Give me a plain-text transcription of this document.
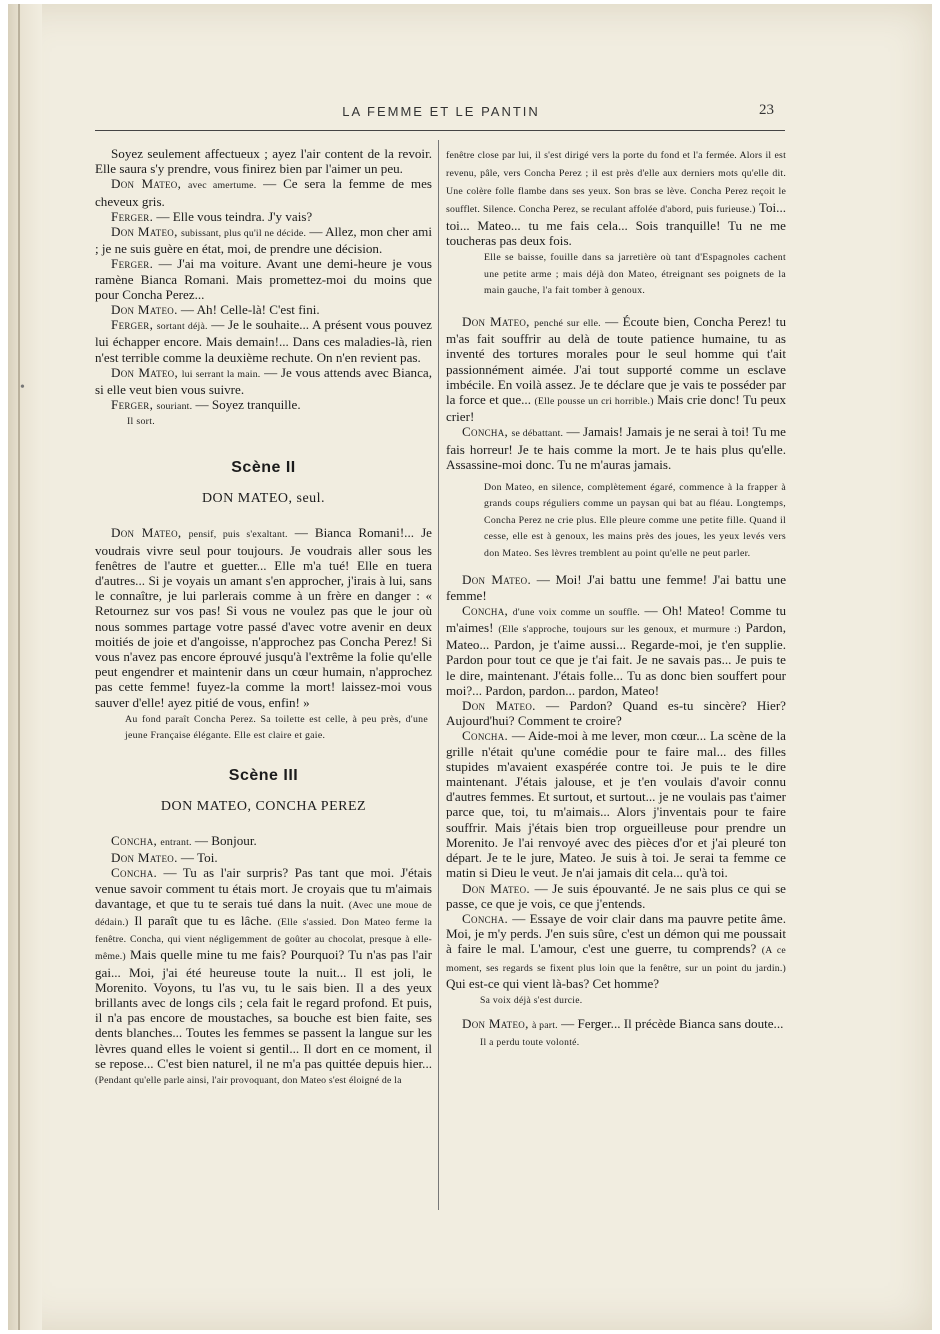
•
LA FEMME ET LE PANTIN	23

Soyez seulement affectueux ; ayez l'air content de la revoir. Elle saura s'y prendre, vous finirez bien par l'aimer un peu.

Don Mateo, avec amertume. — Ce sera la femme de mes cheveux gris.

Ferger. — Elle vous teindra. J'y vais?

Don Mateo, subissant, plus qu'il ne décide. — Allez, mon cher ami ; je ne suis guère en état, moi, de prendre une décision.

Ferger. — J'ai ma voiture. Avant une demi-heure je vous ramène Bianca Romani. Mais promettez-moi du moins que pour Concha Perez...

Don Mateo. — Ah! Celle-là! C'est fini.

Ferger, sortant déjà. — Je le souhaite... A présent vous pouvez lui échapper encore. Mais demain!... Dans ces maladies-là, rien n'est terrible comme la deuxième rechute. On n'en revient pas.

Don Mateo, lui serrant la main. — Je vous attends avec Bianca, si elle veut bien vous suivre.

Ferger, souriant. — Soyez tranquille.

Il sort.
Scène II
DON MATEO, seul.

Don Mateo, pensif, puis s'exaltant. — Bianca Romani!... Je voudrais vivre seul pour toujours. Je voudrais aller sous les fenêtres de l'autre et guetter... Elle m'a tué! Elle en tuera d'autres... Si je voyais un amant s'en approcher, j'irais à lui, sans le connaître, je lui parlerais comme à un frère en danger : « Retournez sur vos pas! Si vous ne voulez pas que le jour où nous sommes partage votre passé d'avec votre avenir en deux moitiés de joie et d'angoisse, n'approchez pas Concha Perez! Si vous n'avez pas encore éprouvé jusqu'à l'extrême la folie qu'elle peut engendrer et maintenir dans un cœur humain, n'approchez pas cette femme! fuyez-la comme la mort! laissez-moi vous sauver d'elle! ayez pitié de vous, enfin! »

Au fond paraît Concha Perez. Sa toilette est celle, à peu près, d'une jeune Française élégante. Elle est claire et gaie.
Scène III
DON MATEO, CONCHA PEREZ

Concha, entrant. — Bonjour.

Don Mateo. — Toi.

Concha. — Tu as l'air surpris? Pas tant que moi. J'étais venue savoir comment tu étais mort. Je croyais que tu m'aimais davantage, et que tu te serais tué dans la nuit. (Avec une moue de dédain.) Il paraît que tu es lâche. (Elle s'assied. Don Mateo ferme la fenêtre. Concha, qui vient négligemment de goûter au chocolat, presque à elle-même.) Mais quelle mine tu me fais? Pourquoi? Tu n'as pas l'air gai... Moi, j'ai été heureuse toute la nuit... Il est joli, le Morenito. Voyons, tu l'as vu, tu le sais bien. Il a des yeux brillants avec de longs cils ; cela fait le regard profond. Et puis, il n'a pas encore de moustaches, sa bouche est bien faite, ses dents blanches... Toutes les femmes se passent la langue sur les lèvres quand elles le voient si gentil... Il dort en ce moment, il se repose... C'est bien naturel, il ne m'a pas quittée depuis hier... (Pendant qu'elle parle ainsi, l'air provoquant, don Mateo s'est éloigné de la

fenêtre close par lui, il s'est dirigé vers la porte du fond et l'a fermée. Alors il est revenu, pâle, vers Concha Perez ; il est près d'elle aux derniers mots qu'elle dit. Une colère folle flambe dans ses yeux. Son bras se lève. Concha Perez reçoit le soufflet. Silence. Concha Perez, se reculant affolée d'abord, puis furieuse.) Toi... toi... Mateo... tu me fais cela... Sois tranquille! Tu ne me toucheras pas deux fois.

Elle se baisse, fouille dans sa jarretière où tant d'Espagnoles cachent une petite arme ; mais déjà don Mateo, étreignant ses poignets de la main gauche, l'a fait tomber à genoux.

Don Mateo, penché sur elle. — Écoute bien, Concha Perez! tu m'as fait souffrir au delà de toute patience humaine, tu as inventé des tortures morales pour le seul homme qui t'ait passionnément aimée. J'ai tout supporté comme un esclave imbécile. En voilà assez. Je te déclare que je vais te posséder par la force et que... (Elle pousse un cri horrible.) Mais crie donc! Tu peux crier!

Concha, se débattant. — Jamais! Jamais je ne serai à toi! Tu me fais horreur! Je te hais comme la mort. Je te hais plus qu'elle. Assassine-moi donc. Tu ne m'auras jamais.

Don Mateo, en silence, complètement égaré, commence à la frapper à grands coups réguliers comme un paysan qui bat au fléau. Longtemps, Concha Perez ne crie plus. Elle pleure comme une petite fille. Quand il cesse, elle est à genoux, les mains près des joues, les yeux levés vers don Mateo. Ses lèvres tremblent au point qu'elle ne peut parler.

Don Mateo. — Moi! J'ai battu une femme! J'ai battu une femme!

Concha, d'une voix comme un souffle. — Oh! Mateo! Comme tu m'aimes! (Elle s'approche, toujours sur les genoux, et murmure :) Pardon, Mateo... Pardon, je t'aime aussi... Regarde-moi, je t'en supplie. Pardon pour tout ce que je t'ai fait. Je ne savais pas... Je puis te le dire, maintenant. J'étais folle... Tu as donc bien souffert pour moi?... Pardon, pardon... pardon, Mateo!

Don Mateo. — Pardon? Quand es-tu sincère? Hier? Aujourd'hui? Comment te croire?

Concha. — Aide-moi à me lever, mon cœur... La scène de la grille n'était qu'une comédie pour te faire mal... des filles stupides m'avaient exaspérée contre toi. Je puis te le dire maintenant. J'étais jalouse, et je t'en voulais d'avoir connu d'autres femmes. Et surtout, et surtout... je ne voulais pas t'aimer parce que, toi, tu m'aimais... Alors j'inventais pour te faire souffrir. Mais j'étais bien trop orgueilleuse pour prendre un Morenito. Je l'ai renvoyé avec des pièces d'or et j'ai pleuré ton départ. Je te le jure, Mateo. Je suis à toi. Je serai ta femme ce matin si Dieu le veut. Je n'ai jamais dit cela... qu'à toi.

Don Mateo. — Je suis épouvanté. Je ne sais plus ce qui se passe, ce que je vois, ce que j'entends.

Concha. — Essaye de voir clair dans ma pauvre petite âme. Moi, je m'y perds. J'en suis sûre, c'est un démon qui me poussait à faire le mal. L'amour, c'est une guerre, tu comprends? (A ce moment, ses regards se fixent plus loin que la fenêtre, sur un point du jardin.) Qui est-ce qui vient là-bas? Cet homme?

Sa voix déjà s'est durcie.

Don Mateo, à part. — Ferger... Il précède Bianca sans doute...

Il a perdu toute volonté.
